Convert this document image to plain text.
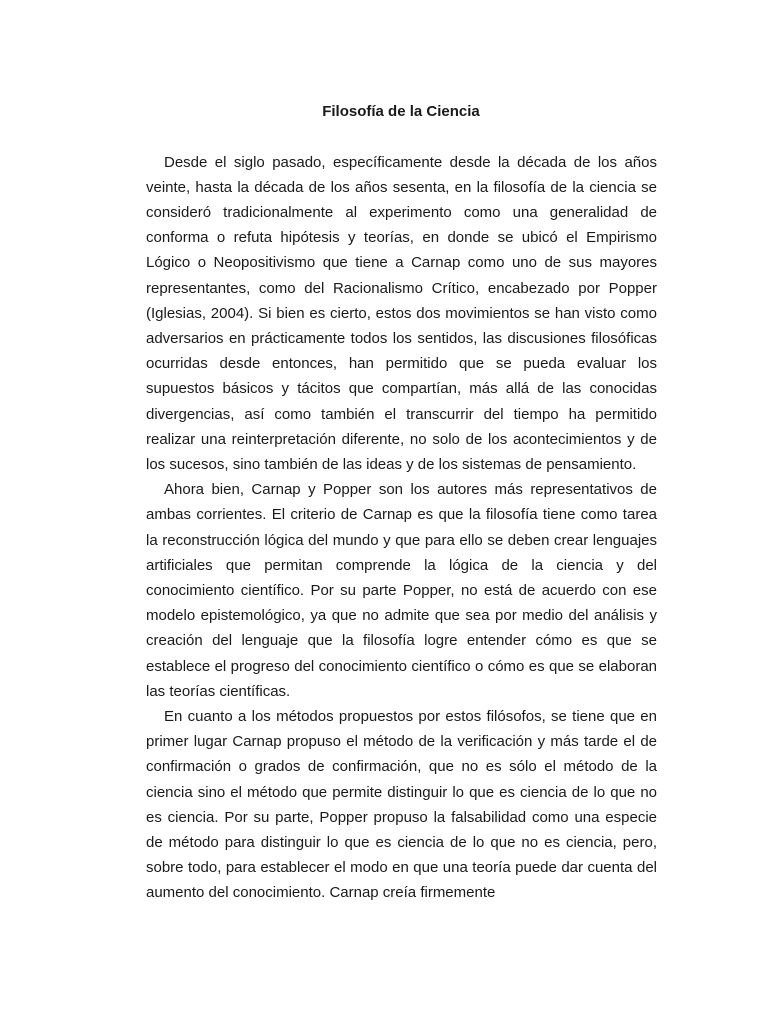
Filosofía de la Ciencia

Desde el siglo pasado, específicamente desde la década de los años veinte, hasta la década de los años sesenta, en la filosofía de la ciencia se consideró tradicionalmente al experimento como una generalidad de conforma o refuta hipótesis y teorías, en donde se ubicó el Empirismo Lógico o Neopositivismo que tiene a Carnap como uno de sus mayores representantes, como del Racionalismo Crítico, encabezado por Popper (Iglesias, 2004). Si bien es cierto, estos dos movimientos se han visto como adversarios en prácticamente todos los sentidos, las discusiones filosóficas ocurridas desde entonces, han permitido que se pueda evaluar los supuestos básicos y tácitos que compartían, más allá de las conocidas divergencias, así como también el transcurrir del tiempo ha permitido realizar una reinterpretación diferente, no solo de los acontecimientos y de los sucesos, sino también de las ideas y de los sistemas de pensamiento.

Ahora bien, Carnap y Popper son los autores más representativos de ambas corrientes. El criterio de Carnap es que la filosofía tiene como tarea la reconstrucción lógica del mundo y que para ello se deben crear lenguajes artificiales que permitan comprende la lógica de la ciencia y del conocimiento científico. Por su parte Popper, no está de acuerdo con ese modelo epistemológico, ya que no admite que sea por medio del análisis y creación del lenguaje que la filosofía logre entender cómo es que se establece el progreso del conocimiento científico o cómo es que se elaboran las teorías científicas.

En cuanto a los métodos propuestos por estos filósofos, se tiene que en primer lugar Carnap propuso el método de la verificación y más tarde el de confirmación o grados de confirmación, que no es sólo el método de la ciencia sino el método que permite distinguir lo que es ciencia de lo que no es ciencia. Por su parte, Popper propuso la falsabilidad como una especie de método para distinguir lo que es ciencia de lo que no es ciencia, pero, sobre todo, para establecer el modo en que una teoría puede dar cuenta del aumento del conocimiento. Carnap creía firmemente
